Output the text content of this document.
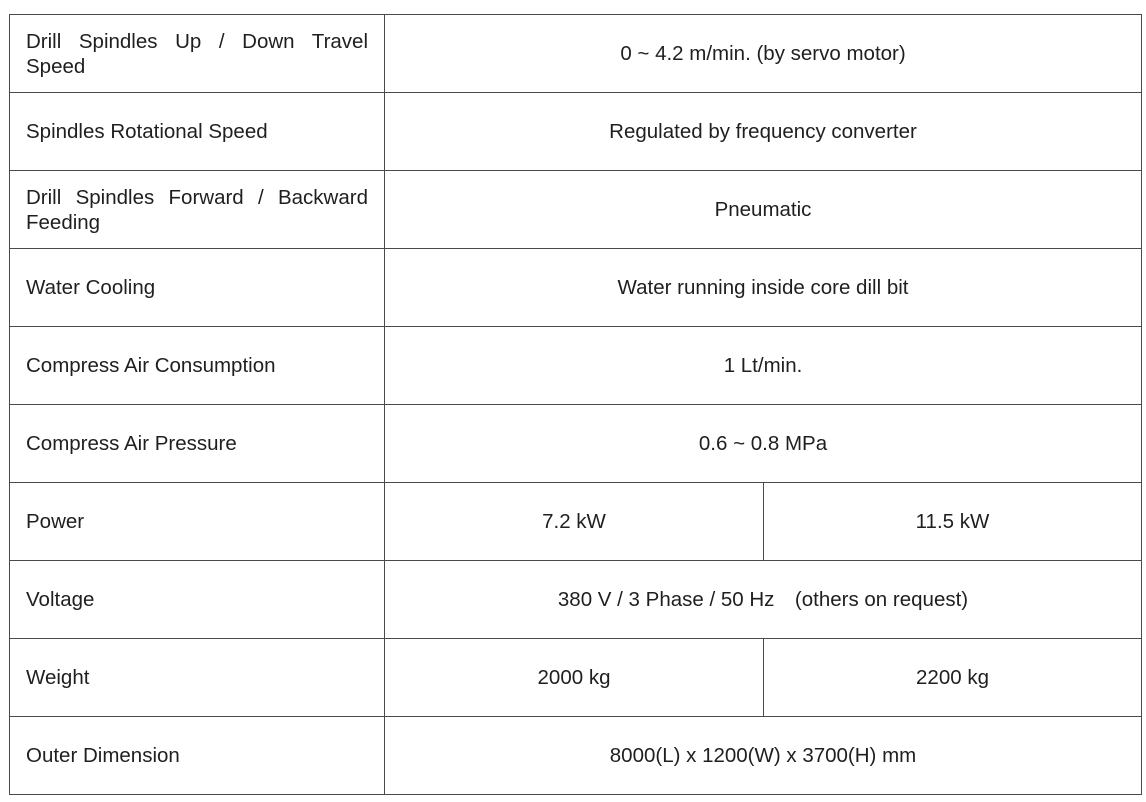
Drill Spindles Up / Down Travel Speed	0 ~ 4.2 m/min. (by servo motor)	
Spindles Rotational Speed	Regulated by frequency converter	
Drill Spindles Forward / Backward Feeding	Pneumatic	
Water Cooling	Water running inside core dill bit	
Compress Air Consumption	1 Lt/min.	
Compress Air Pressure	0.6 ~ 0.8 MPa	
Power	7.2 kW	11.5 kW
Voltage	380 V / 3 Phase / 50 Hz (others on request)	
Weight	2000 kg	2200 kg
Outer Dimension	8000(L) x 1200(W) x 3700(H) mm	
